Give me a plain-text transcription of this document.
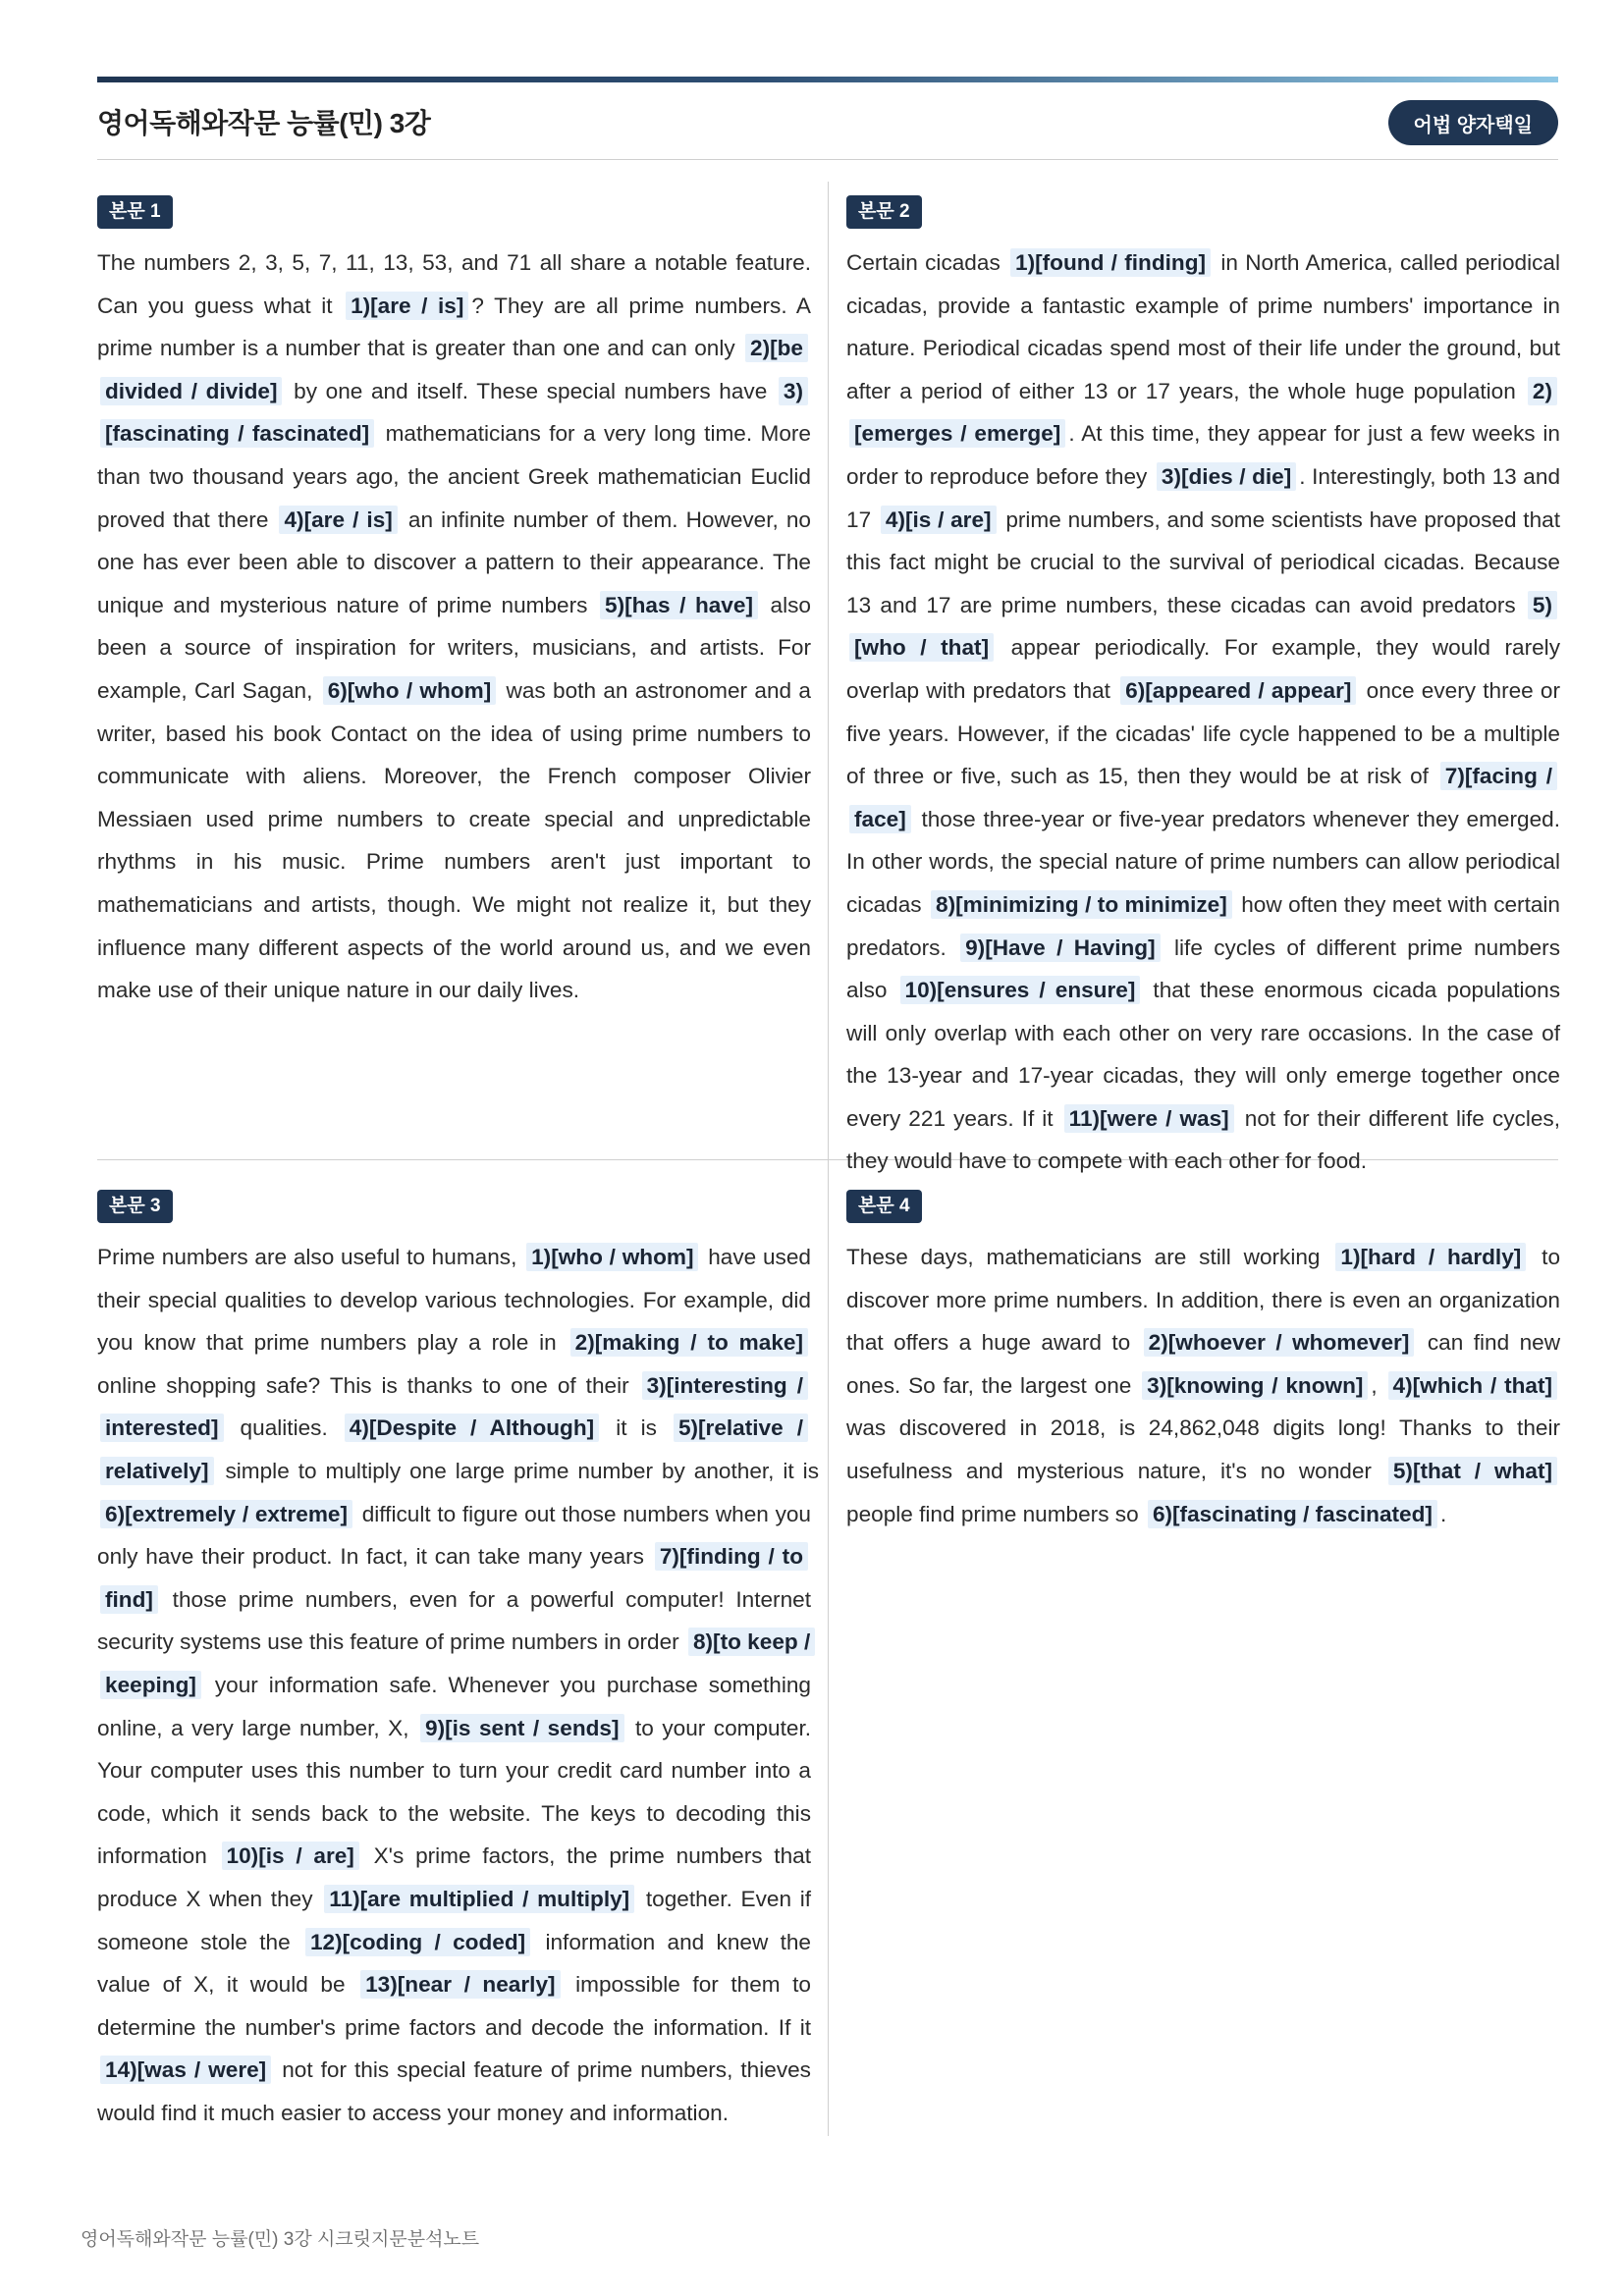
영어독해와작문 능률(민) 3강	어법 양자택일
본문 1
The numbers 2, 3, 5, 7, 11, 13, 53, and 71 all share a notable feature. Can you guess what it 1)[are / is] ? They are all prime numbers. A prime number is a number that is greater than one and can only 2)[be divided / divide] by one and itself. These special numbers have 3)[fascinating / fascinated] mathematicians for a very long time. More than two thousand years ago, the ancient Greek mathematician Euclid proved that there 4)[are / is] an infinite number of them. However, no one has ever been able to discover a pattern to their appearance. The unique and mysterious nature of prime numbers 5)[has / have] also been a source of inspiration for writers, musicians, and artists. For example, Carl Sagan, 6)[who / whom] was both an astronomer and a writer, based his book Contact on the idea of using prime numbers to communicate with aliens. Moreover, the French composer Olivier Messiaen used prime numbers to create special and unpredictable rhythms in his music. Prime numbers aren't just important to mathematicians and artists, though. We might not realize it, but they influence many different aspects of the world around us, and we even make use of their unique nature in our daily lives.
본문 2
Certain cicadas 1)[found / finding] in North America, called periodical cicadas, provide a fantastic example of prime numbers' importance in nature. Periodical cicadas spend most of their life under the ground, but after a period of either 13 or 17 years, the whole huge population 2)[emerges / emerge] . At this time, they appear for just a few weeks in order to reproduce before they 3)[dies / die] . Interestingly, both 13 and 17 4)[is / are] prime numbers, and some scientists have proposed that this fact might be crucial to the survival of periodical cicadas. Because 13 and 17 are prime numbers, these cicadas can avoid predators 5)[who / that] appear periodically. For example, they would rarely overlap with predators that 6)[appeared / appear] once every three or five years. However, if the cicadas' life cycle happened to be a multiple of three or five, such as 15, then they would be at risk of 7)[facing / face] those three-year or five-year predators whenever they emerged. In other words, the special nature of prime numbers can allow periodical cicadas 8)[minimizing / to minimize] how often they meet with certain predators. 9)[Have / Having] life cycles of different prime numbers also 10)[ensures / ensure] that these enormous cicada populations will only overlap with each other on very rare occasions. In the case of the 13-year and 17-year cicadas, they will only emerge together once every 221 years. If it 11)[were / was] not for their different life cycles, they would have to compete with each other for food.
본문 3
Prime numbers are also useful to humans, 1)[who / whom] have used their special qualities to develop various technologies. For example, did you know that prime numbers play a role in 2)[making / to make] online shopping safe? This is thanks to one of their 3)[interesting / interested] qualities. 4)[Despite / Although] it is 5)[relative / relatively] simple to multiply one large prime number by another, it is 6)[extremely / extreme] difficult to figure out those numbers when you only have their product. In fact, it can take many years 7)[finding / to find] those prime numbers, even for a powerful computer! Internet security systems use this feature of prime numbers in order 8)[to keep / keeping] your information safe. Whenever you purchase something online, a very large number, X, 9)[is sent / sends] to your computer. Your computer uses this number to turn your credit card number into a code, which it sends back to the website. The keys to decoding this information 10)[is / are] X's prime factors, the prime numbers that produce X when they 11)[are multiplied / multiply] together. Even if someone stole the 12)[coding / coded] information and knew the value of X, it would be 13)[near / nearly] impossible for them to determine the number's prime factors and decode the information. If it 14)[was / were] not for this special feature of prime numbers, thieves would find it much easier to access your money and information.
본문 4
These days, mathematicians are still working 1)[hard / hardly] to discover more prime numbers. In addition, there is even an organization that offers a huge award to 2)[whoever / whomever] can find new ones. So far, the largest one 3)[knowing / known] , 4)[which / that] was discovered in 2018, is 24,862,048 digits long! Thanks to their usefulness and mysterious nature, it's no wonder 5)[that / what] people find prime numbers so 6)[fascinating / fascinated] .
영어독해와작문 능률(민) 3강 시크릿지문분석노트
